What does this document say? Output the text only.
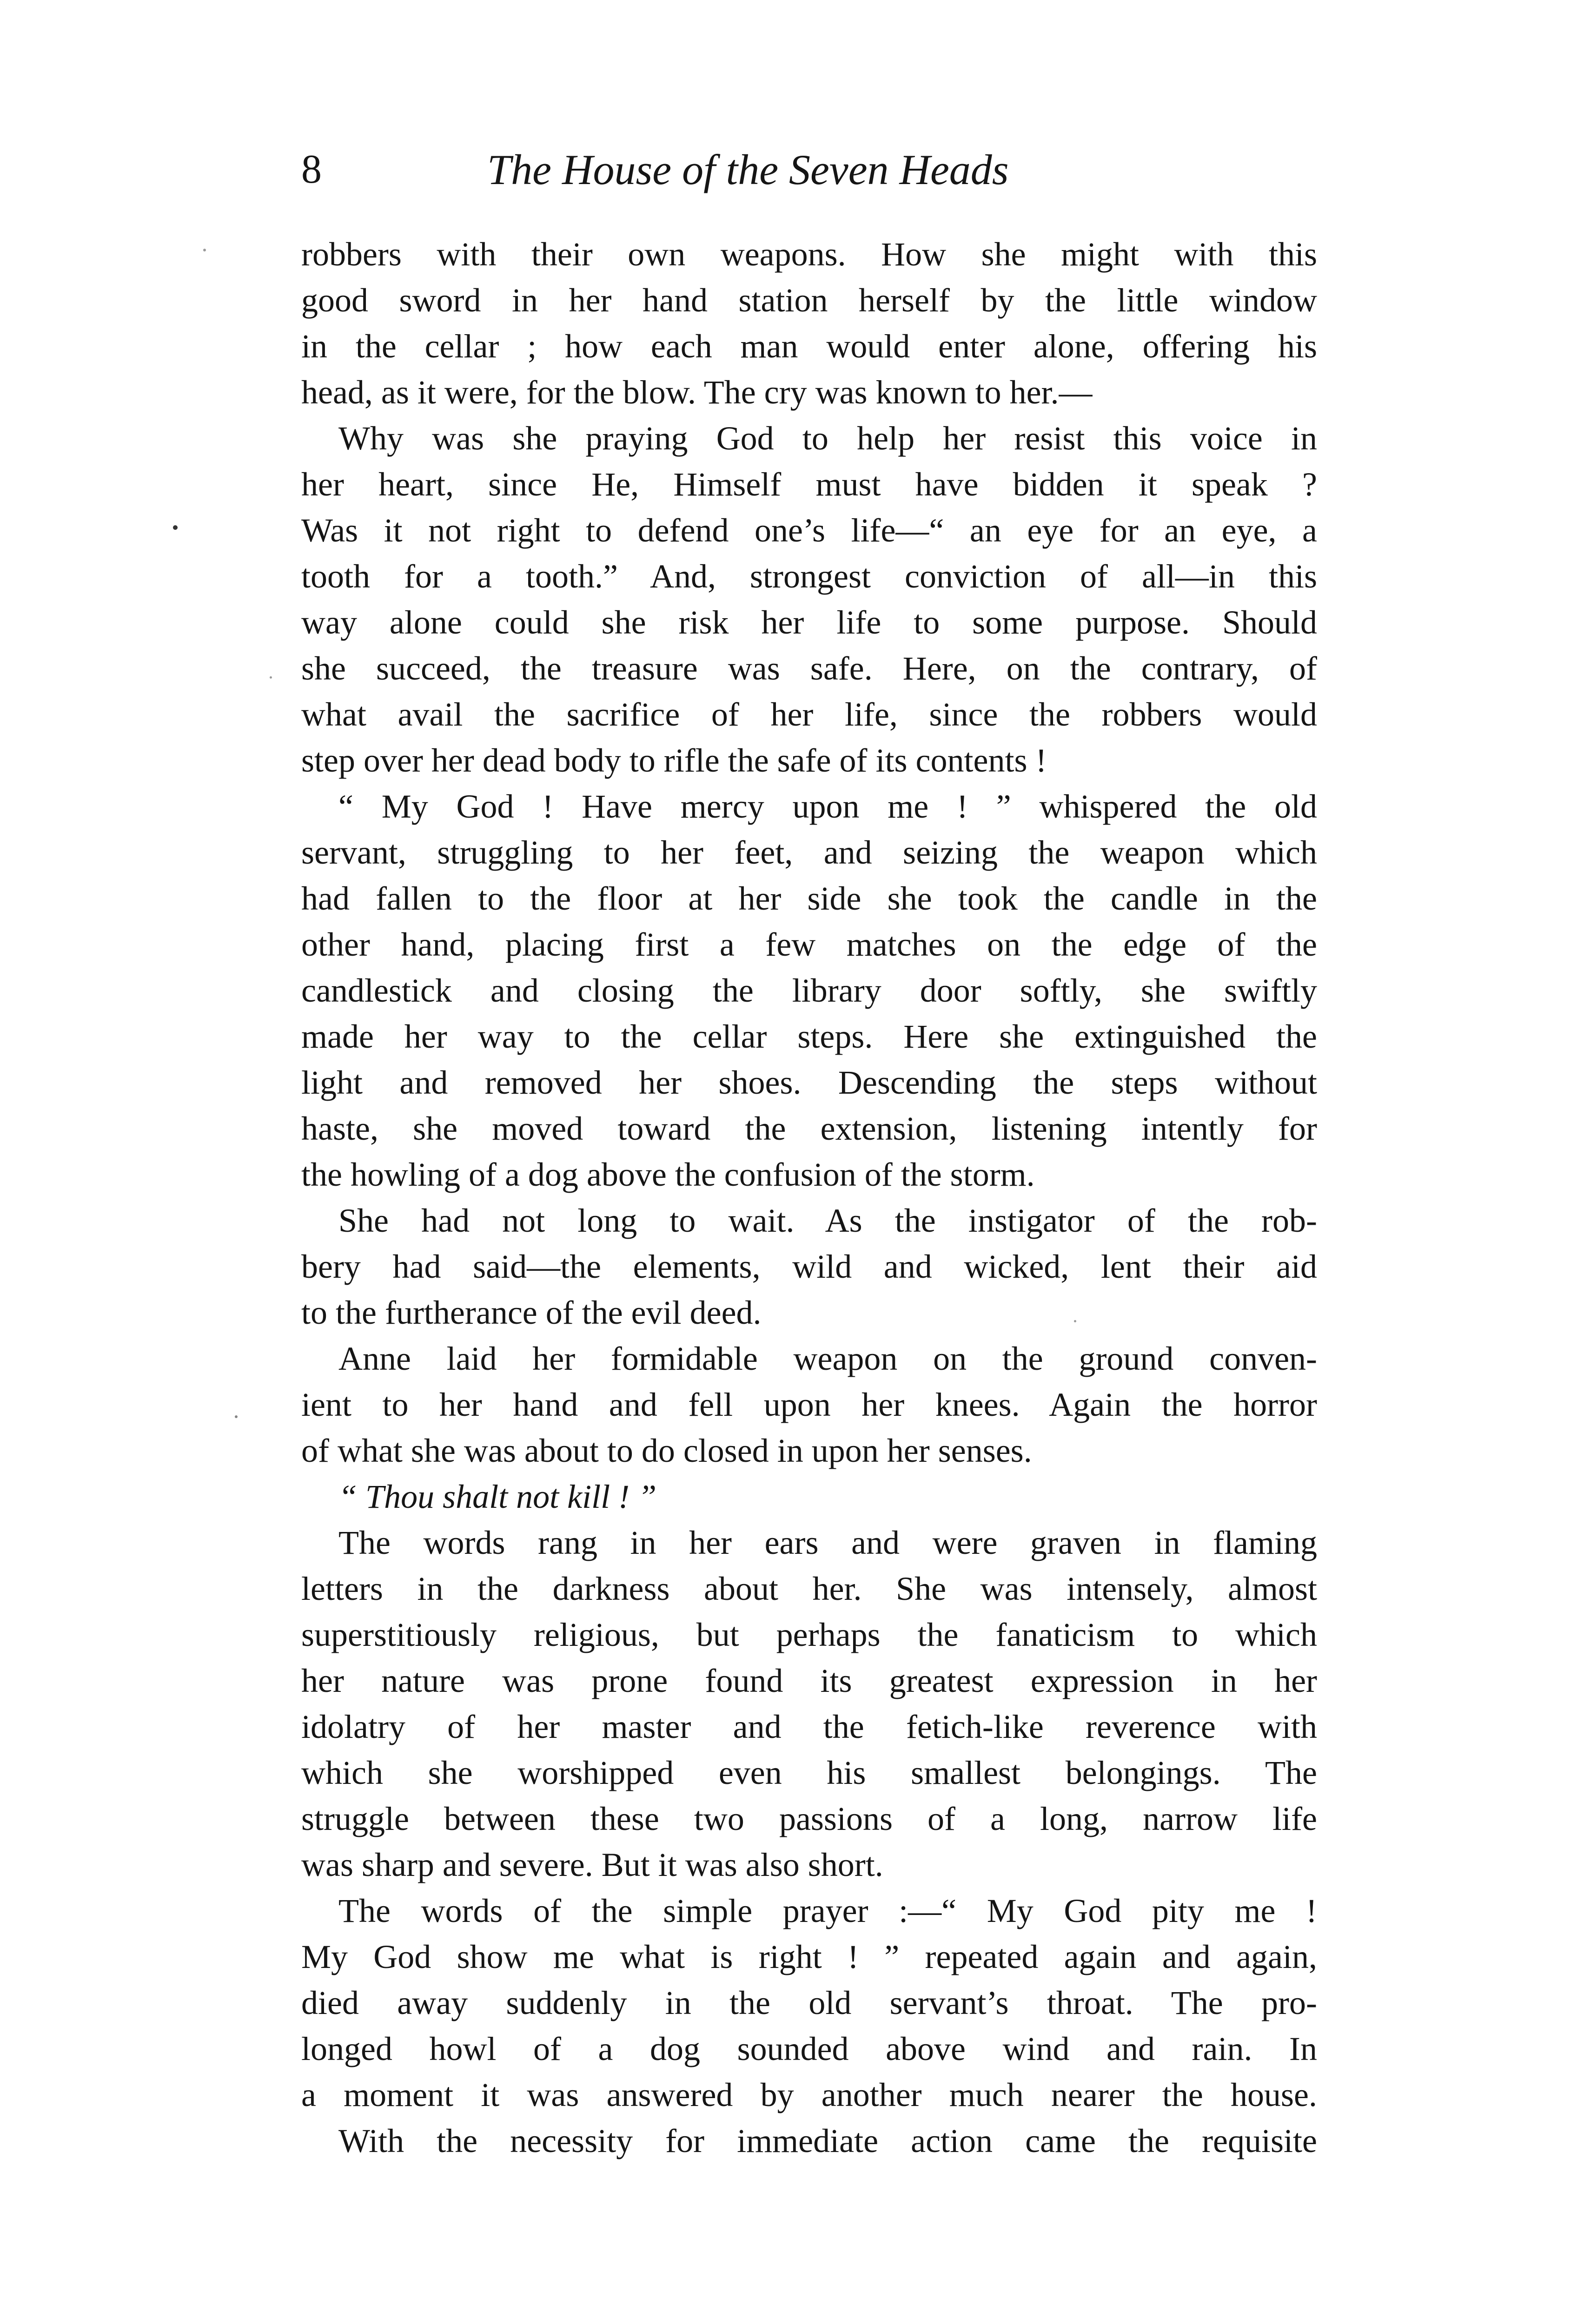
8	The House of the Seven Heads
robbers with their own weapons. How she might with this
good sword in her hand station herself by the little window
in the cellar ; how each man would enter alone, offering his
head, as it were, for the blow. The cry was known to her.—
Why was she praying God to help her resist this voice in
her heart, since He, Himself must have bidden it speak ?
Was it not right to defend one’s life—“ an eye for an eye, a
tooth for a tooth.” And, strongest conviction of all—in this
way alone could she risk her life to some purpose. Should
she succeed, the treasure was safe. Here, on the contrary, of
what avail the sacrifice of her life, since the robbers would
step over her dead body to rifle the safe of its contents !
“ My God ! Have mercy upon me ! ” whispered the old
servant, struggling to her feet, and seizing the weapon which
had fallen to the floor at her side she took the candle in the
other hand, placing first a few matches on the edge of the
candlestick and closing the library door softly, she swiftly
made her way to the cellar steps. Here she extinguished the
light and removed her shoes. Descending the steps without
haste, she moved toward the extension, listening intently for
the howling of a dog above the confusion of the storm.
She had not long to wait. As the instigator of the rob-
bery had said—the elements, wild and wicked, lent their aid
to the furtherance of the evil deed.
Anne laid her formidable weapon on the ground conven-
ient to her hand and fell upon her knees. Again the horror
of what she was about to do closed in upon her senses.
“ Thou shalt not kill ! ”
The words rang in her ears and were graven in flaming
letters in the darkness about her. She was intensely, almost
superstitiously religious, but perhaps the fanaticism to which
her nature was prone found its greatest expression in her
idolatry of her master and the fetich-like reverence with
which she worshipped even his smallest belongings. The
struggle between these two passions of a long, narrow life
was sharp and severe. But it was also short.
The words of the simple prayer :—“ My God pity me !
My God show me what is right ! ” repeated again and again,
died away suddenly in the old servant’s throat. The pro-
longed howl of a dog sounded above wind and rain. In
a moment it was answered by another much nearer the house.
With the necessity for immediate action came the requisite
